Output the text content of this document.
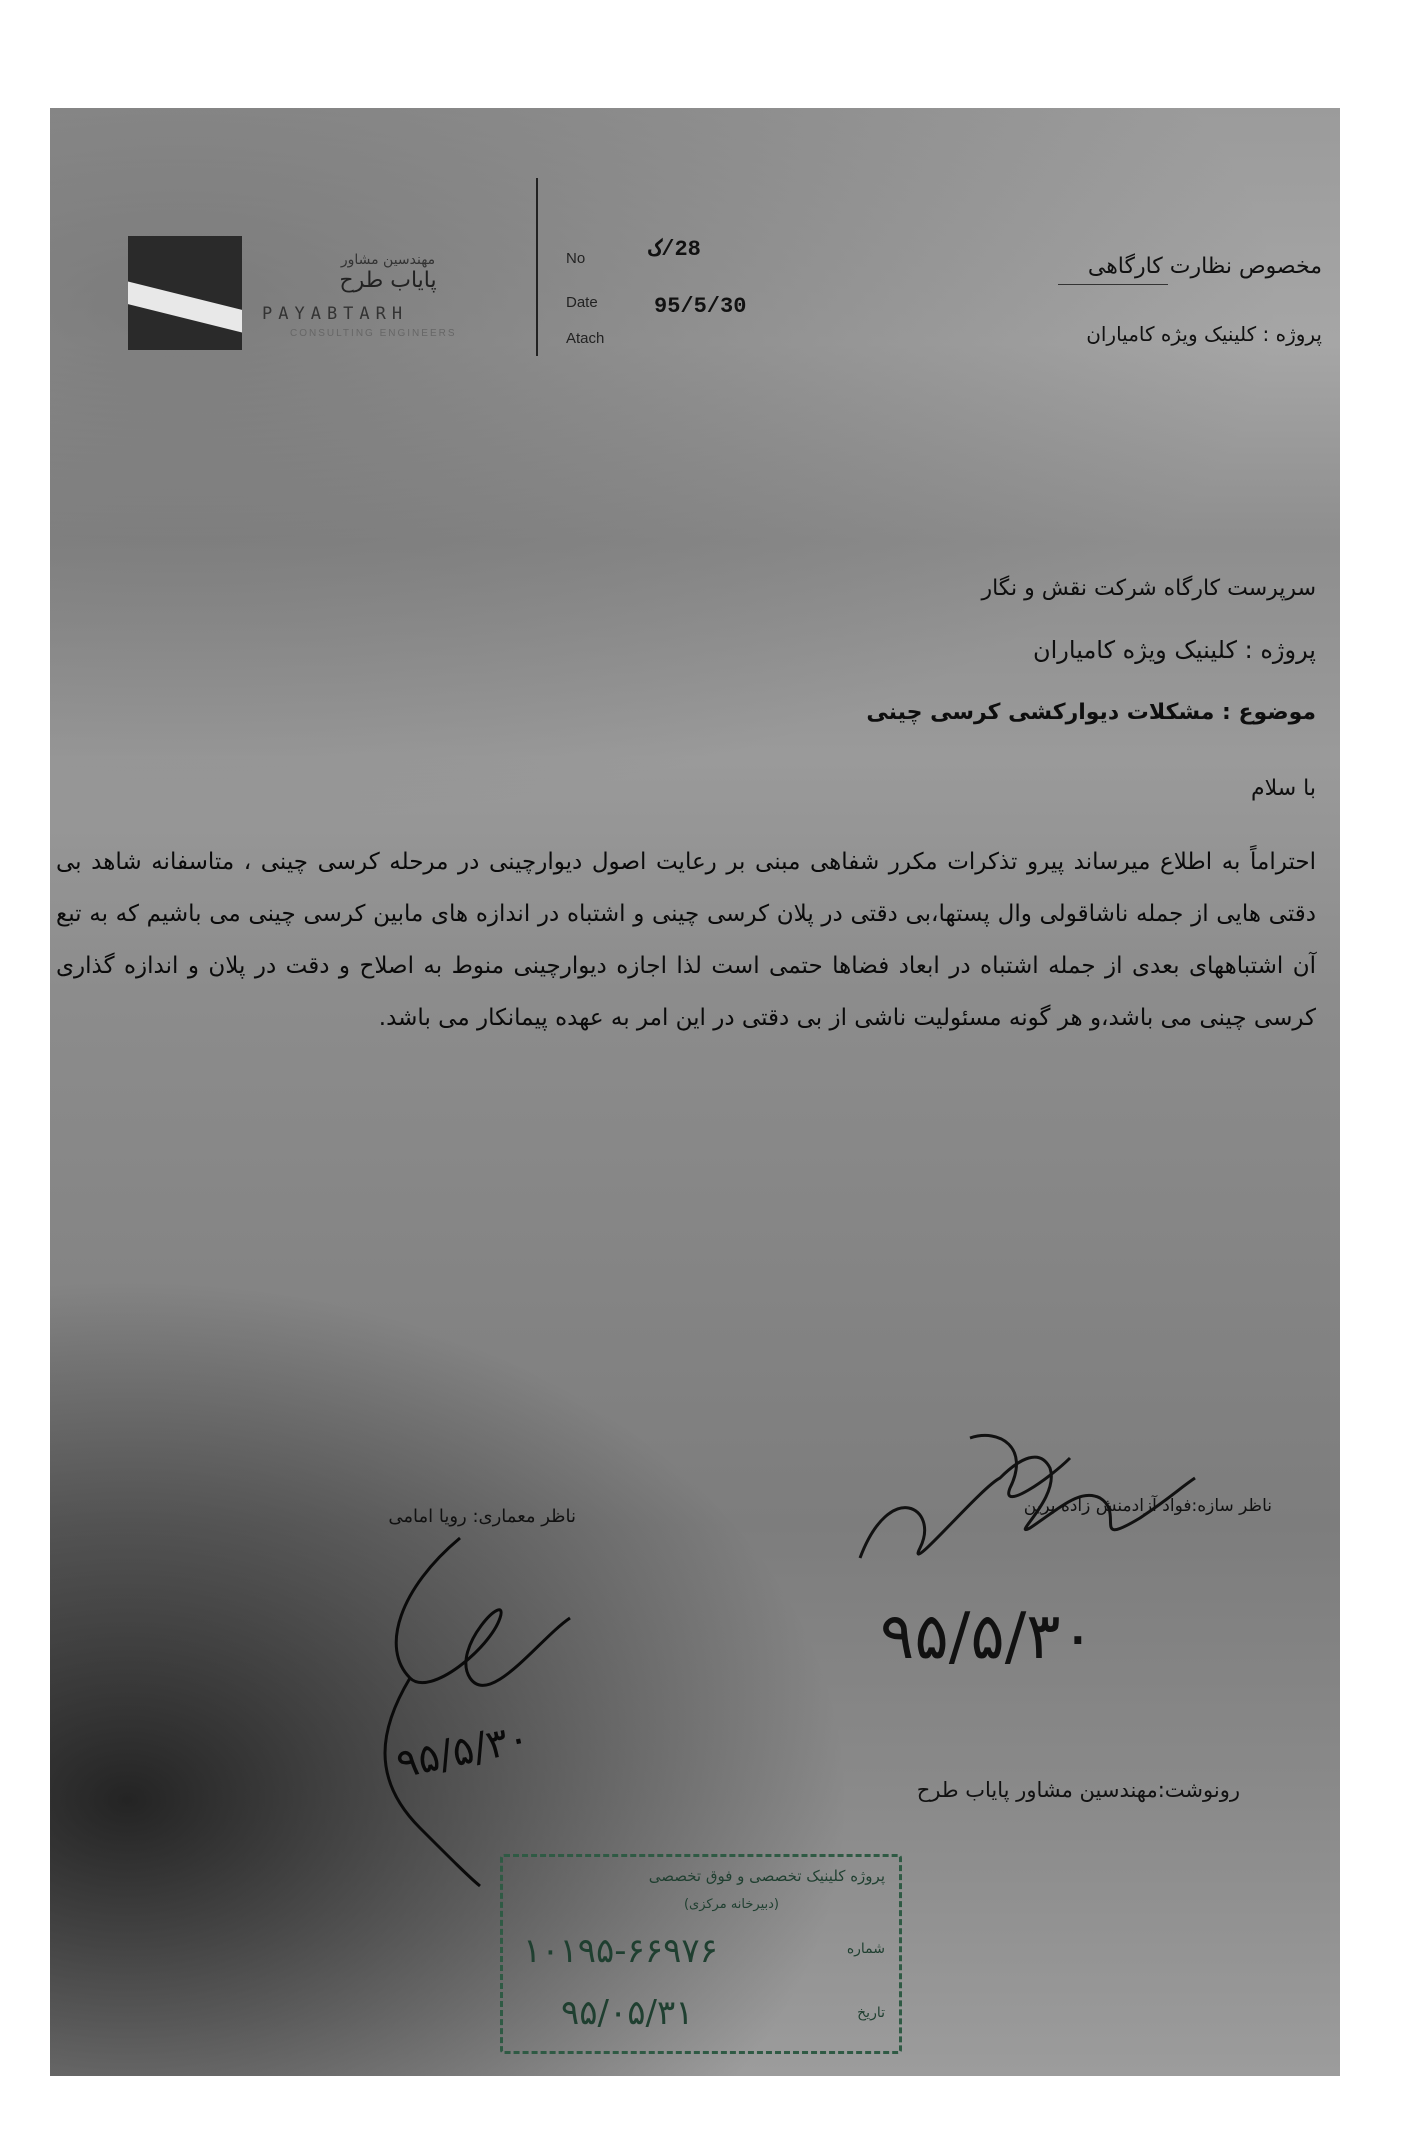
مهندسین مشاور
پایاب طرح
PAYABTARH
CONSULTING ENGINEERS
No	28/ک
Date	95/5/30
Atach
مخصوص نظارت کارگاهی
پروژه : کلینیک ویژه کامیاران
سرپرست کارگاه شرکت نقش و نگار
پروژه : کلینیک ویژه کامیاران
موضوع : مشکلات دیوارکشی کرسی چینی
با سلام
احتراماً به اطلاع میرساند پیرو تذکرات مکرر شفاهی مبنی بر رعایت اصول دیوارچینی در مرحله کرسی چینی ، متاسفانه شاهد بی دقتی هایی از جمله ناشاقولی وال پستها،بی دقتی در پلان کرسی چینی و اشتباه در اندازه های مابین کرسی چینی می باشیم که به تبع آن اشتباههای بعدی از جمله اشتباه در ابعاد فضاها حتمی است لذا اجازه دیوارچینی منوط به اصلاح و دقت در پلان و اندازه گذاری کرسی چینی می باشد،و هر گونه مسئولیت ناشی از بی دقتی در این امر به عهده پیمانکار می باشد.
ناظر سازه:فواد آزادمنش زاده برین
۹۵/۵/۳۰
ناظر معماری: رویا امامی
۹۵/۵/۳۰
رونوشت:مهندسین مشاور پایاب طرح
پروژه کلینیک تخصصی و فوق تخصصی
(دبیرخانه مرکزی)
شماره
تاریخ
۱۰۱۹۵-۶۶۹۷۶
۹۵/۰۵/۳۱
